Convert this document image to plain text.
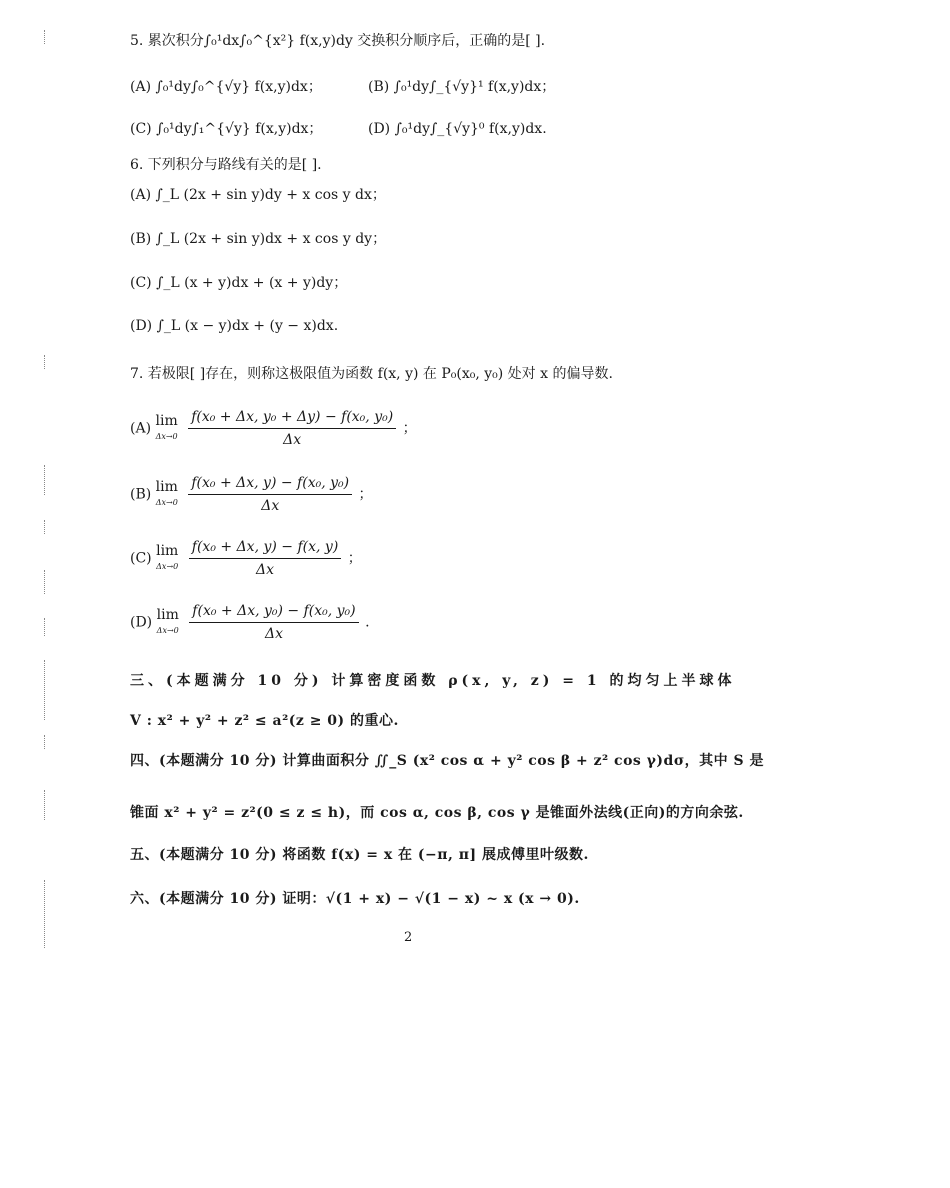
5. 累次积分∫₀¹dx∫₀^{x²} f(x,y)dy 交换积分顺序后，正确的是[ ].
(A) ∫₀¹dy∫₀^{√y} f(x,y)dx；	(B) ∫₀¹dy∫_{√y}¹ f(x,y)dx；
(C) ∫₀¹dy∫₁^{√y} f(x,y)dx；	(D) ∫₀¹dy∫_{√y}⁰ f(x,y)dx.
6. 下列积分与路线有关的是[ ].
(A) ∫_L (2x + sin y)dy + x cos y dx；
(B) ∫_L (2x + sin y)dx + x cos y dy；
(C) ∫_L (x + y)dx + (x + y)dy；
(D) ∫_L (x − y)dx + (y − x)dx.
7. 若极限[ ]存在，则称这极限值为函数 f(x, y) 在 P₀(x₀, y₀) 处对 x 的偏导数.
(A) lim
Δx→0
$\frac{\text{f(x₀ + Δx, y₀ + Δy) − f(x₀, y₀)}}{\Delta x}$ ；
(B) lim
Δx→0
$\frac{\text{f(x₀ + Δx, y) − f(x₀, y₀)}}{\Delta x}$ ；
(C) lim
Δx→0
$\frac{\text{f(x₀ + Δx, y) − f(x, y)}}{\Delta x}$ ；
(D) lim
Δx→0
$\frac{\text{f(x₀ + Δx, y₀) − f(x₀, y₀)}}{\Delta x}$ .
三、(本题满分 10 分) 计算密度函数 ρ(x, y, z) = 1 的均匀上半球体
V : x² + y² + z² ≤ a²(z ≥ 0) 的重心.
四、(本题满分 10 分) 计算曲面积分 ∬_S (x² cos α + y² cos β + z² cos γ)dσ，其中 S 是
锥面 x² + y² = z²(0 ≤ z ≤ h)，而 cos α, cos β, cos γ 是锥面外法线(正向)的方向余弦.
五、(本题满分 10 分) 将函数 f(x) = x 在 (−π, π] 展成傅里叶级数.
六、(本题满分 10 分) 证明：√(1 + x) − √(1 − x) ~ x (x → 0).
2
